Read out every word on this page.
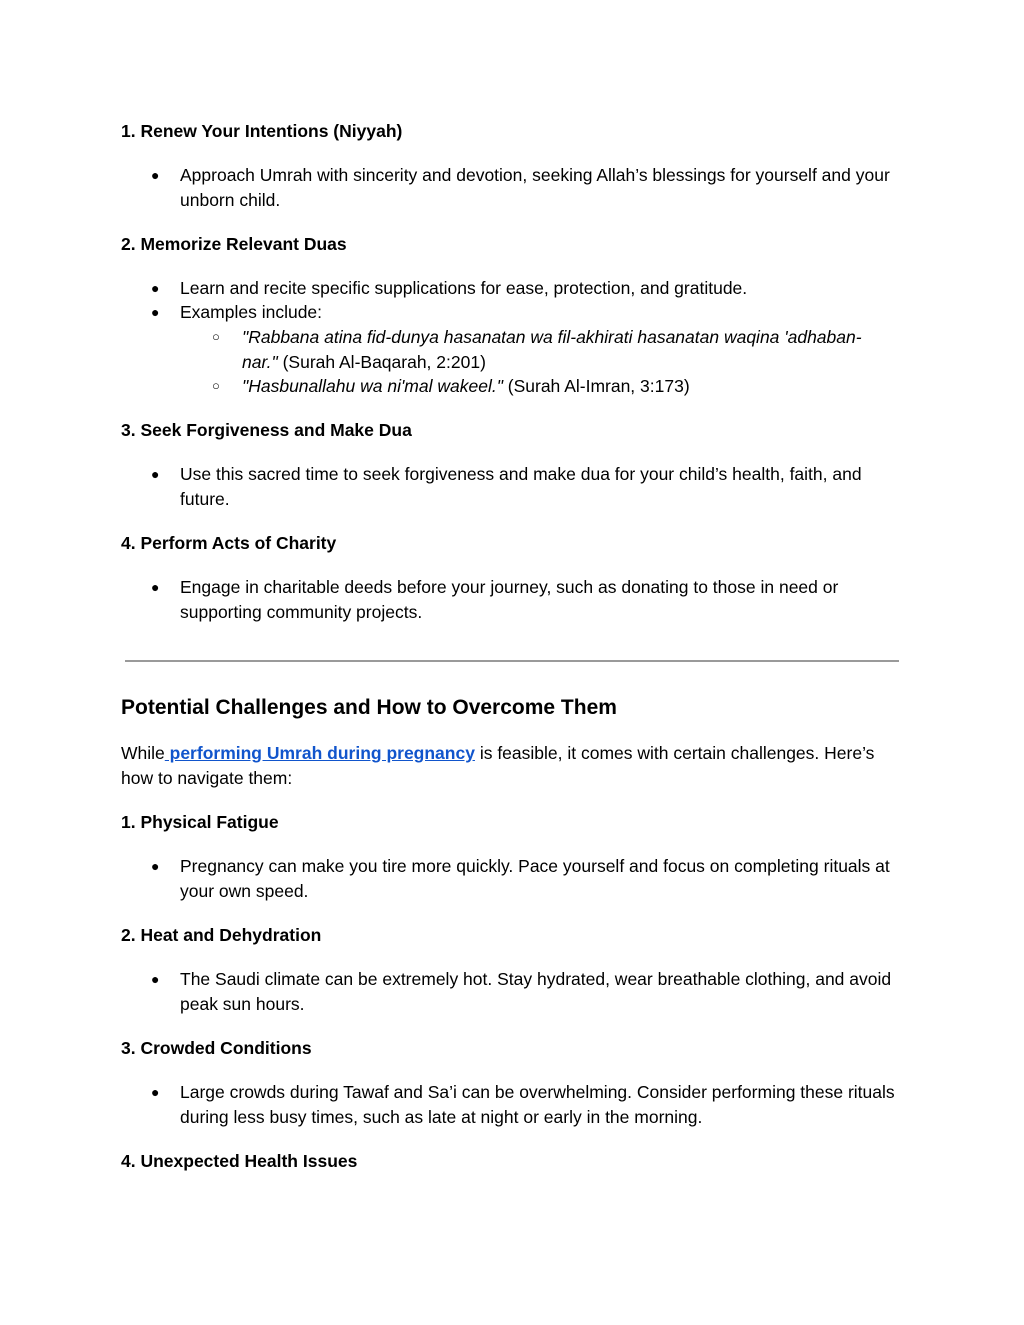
1. Renew Your Intentions (Niyyah)
● Approach Umrah with sincerity and devotion, seeking Allah’s blessings for yourself and your unborn child.
2. Memorize Relevant Duas
● Learn and recite specific supplications for ease, protection, and gratitude.
● Examples include:
○ "Rabbana atina fid-dunya hasanatan wa fil-akhirati hasanatan waqina 'adhaban-nar." (Surah Al-Baqarah, 2:201)
○ "Hasbunallahu wa ni'mal wakeel." (Surah Al-Imran, 3:173)
3. Seek Forgiveness and Make Dua
● Use this sacred time to seek forgiveness and make dua for your child’s health, faith, and future.
4. Perform Acts of Charity
● Engage in charitable deeds before your journey, such as donating to those in need or supporting community projects.
Potential Challenges and How to Overcome Them
While performing Umrah during pregnancy is feasible, it comes with certain challenges. Here’s how to navigate them:
1. Physical Fatigue
● Pregnancy can make you tire more quickly. Pace yourself and focus on completing rituals at your own speed.
2. Heat and Dehydration
● The Saudi climate can be extremely hot. Stay hydrated, wear breathable clothing, and avoid peak sun hours.
3. Crowded Conditions
● Large crowds during Tawaf and Sa’i can be overwhelming. Consider performing these rituals during less busy times, such as late at night or early in the morning.
4. Unexpected Health Issues
